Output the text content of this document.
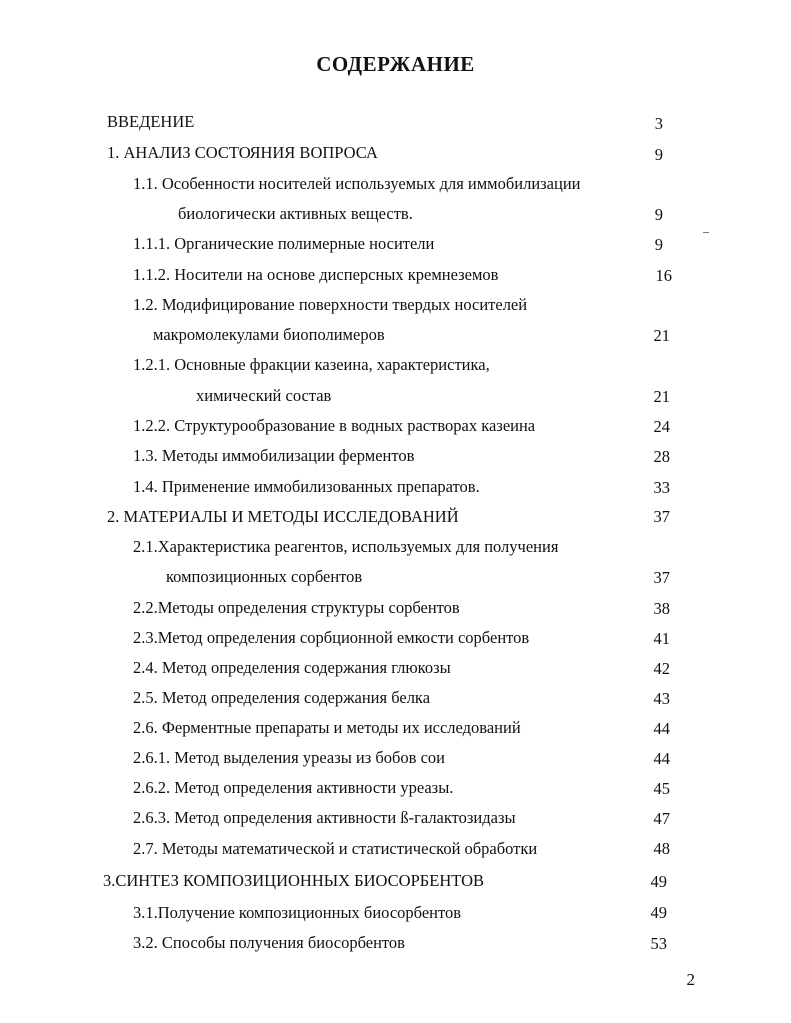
СОДЕРЖАНИЕ
ВВЕДЕНИЕ	3
1. АНАЛИЗ СОСТОЯНИЯ ВОПРОСА	9
1.1. Особенности носителей используемых для иммобилизации
биологически активных веществ.	9
1.1.1. Органические полимерные носители	9
1.1.2. Носители на основе дисперсных кремнеземов	16
1.2. Модифицирование поверхности твердых носителей
макромолекулами биополимеров	21
1.2.1. Основные фракции казеина, характеристика,
химический состав	21
1.2.2. Структурообразование в водных растворах казеина	24
1.3. Методы иммобилизации ферментов	28
1.4. Применение иммобилизованных препаратов.	33
2. МАТЕРИАЛЫ И МЕТОДЫ ИССЛЕДОВАНИЙ	37
2.1.Характеристика реагентов, используемых для получения
композиционных сорбентов	37
2.2.Методы определения структуры сорбентов	38
2.3.Метод определения сорбционной емкости сорбентов	41
2.4. Метод определения содержания глюкозы	42
2.5. Метод определения содержания белка	43
2.6. Ферментные препараты и методы их исследований	44
2.6.1. Метод выделения уреазы из бобов сои	44
2.6.2. Метод определения активности уреазы.	45
2.6.3. Метод определения активности ß-галактозидазы	47
2.7. Методы математической и статистической обработки	48
3.СИНТЕЗ КОМПОЗИЦИОННЫХ БИОСОРБЕНТОВ	49
3.1.Получение композиционных биосорбентов	49
3.2. Способы получения биосорбентов	53
2
